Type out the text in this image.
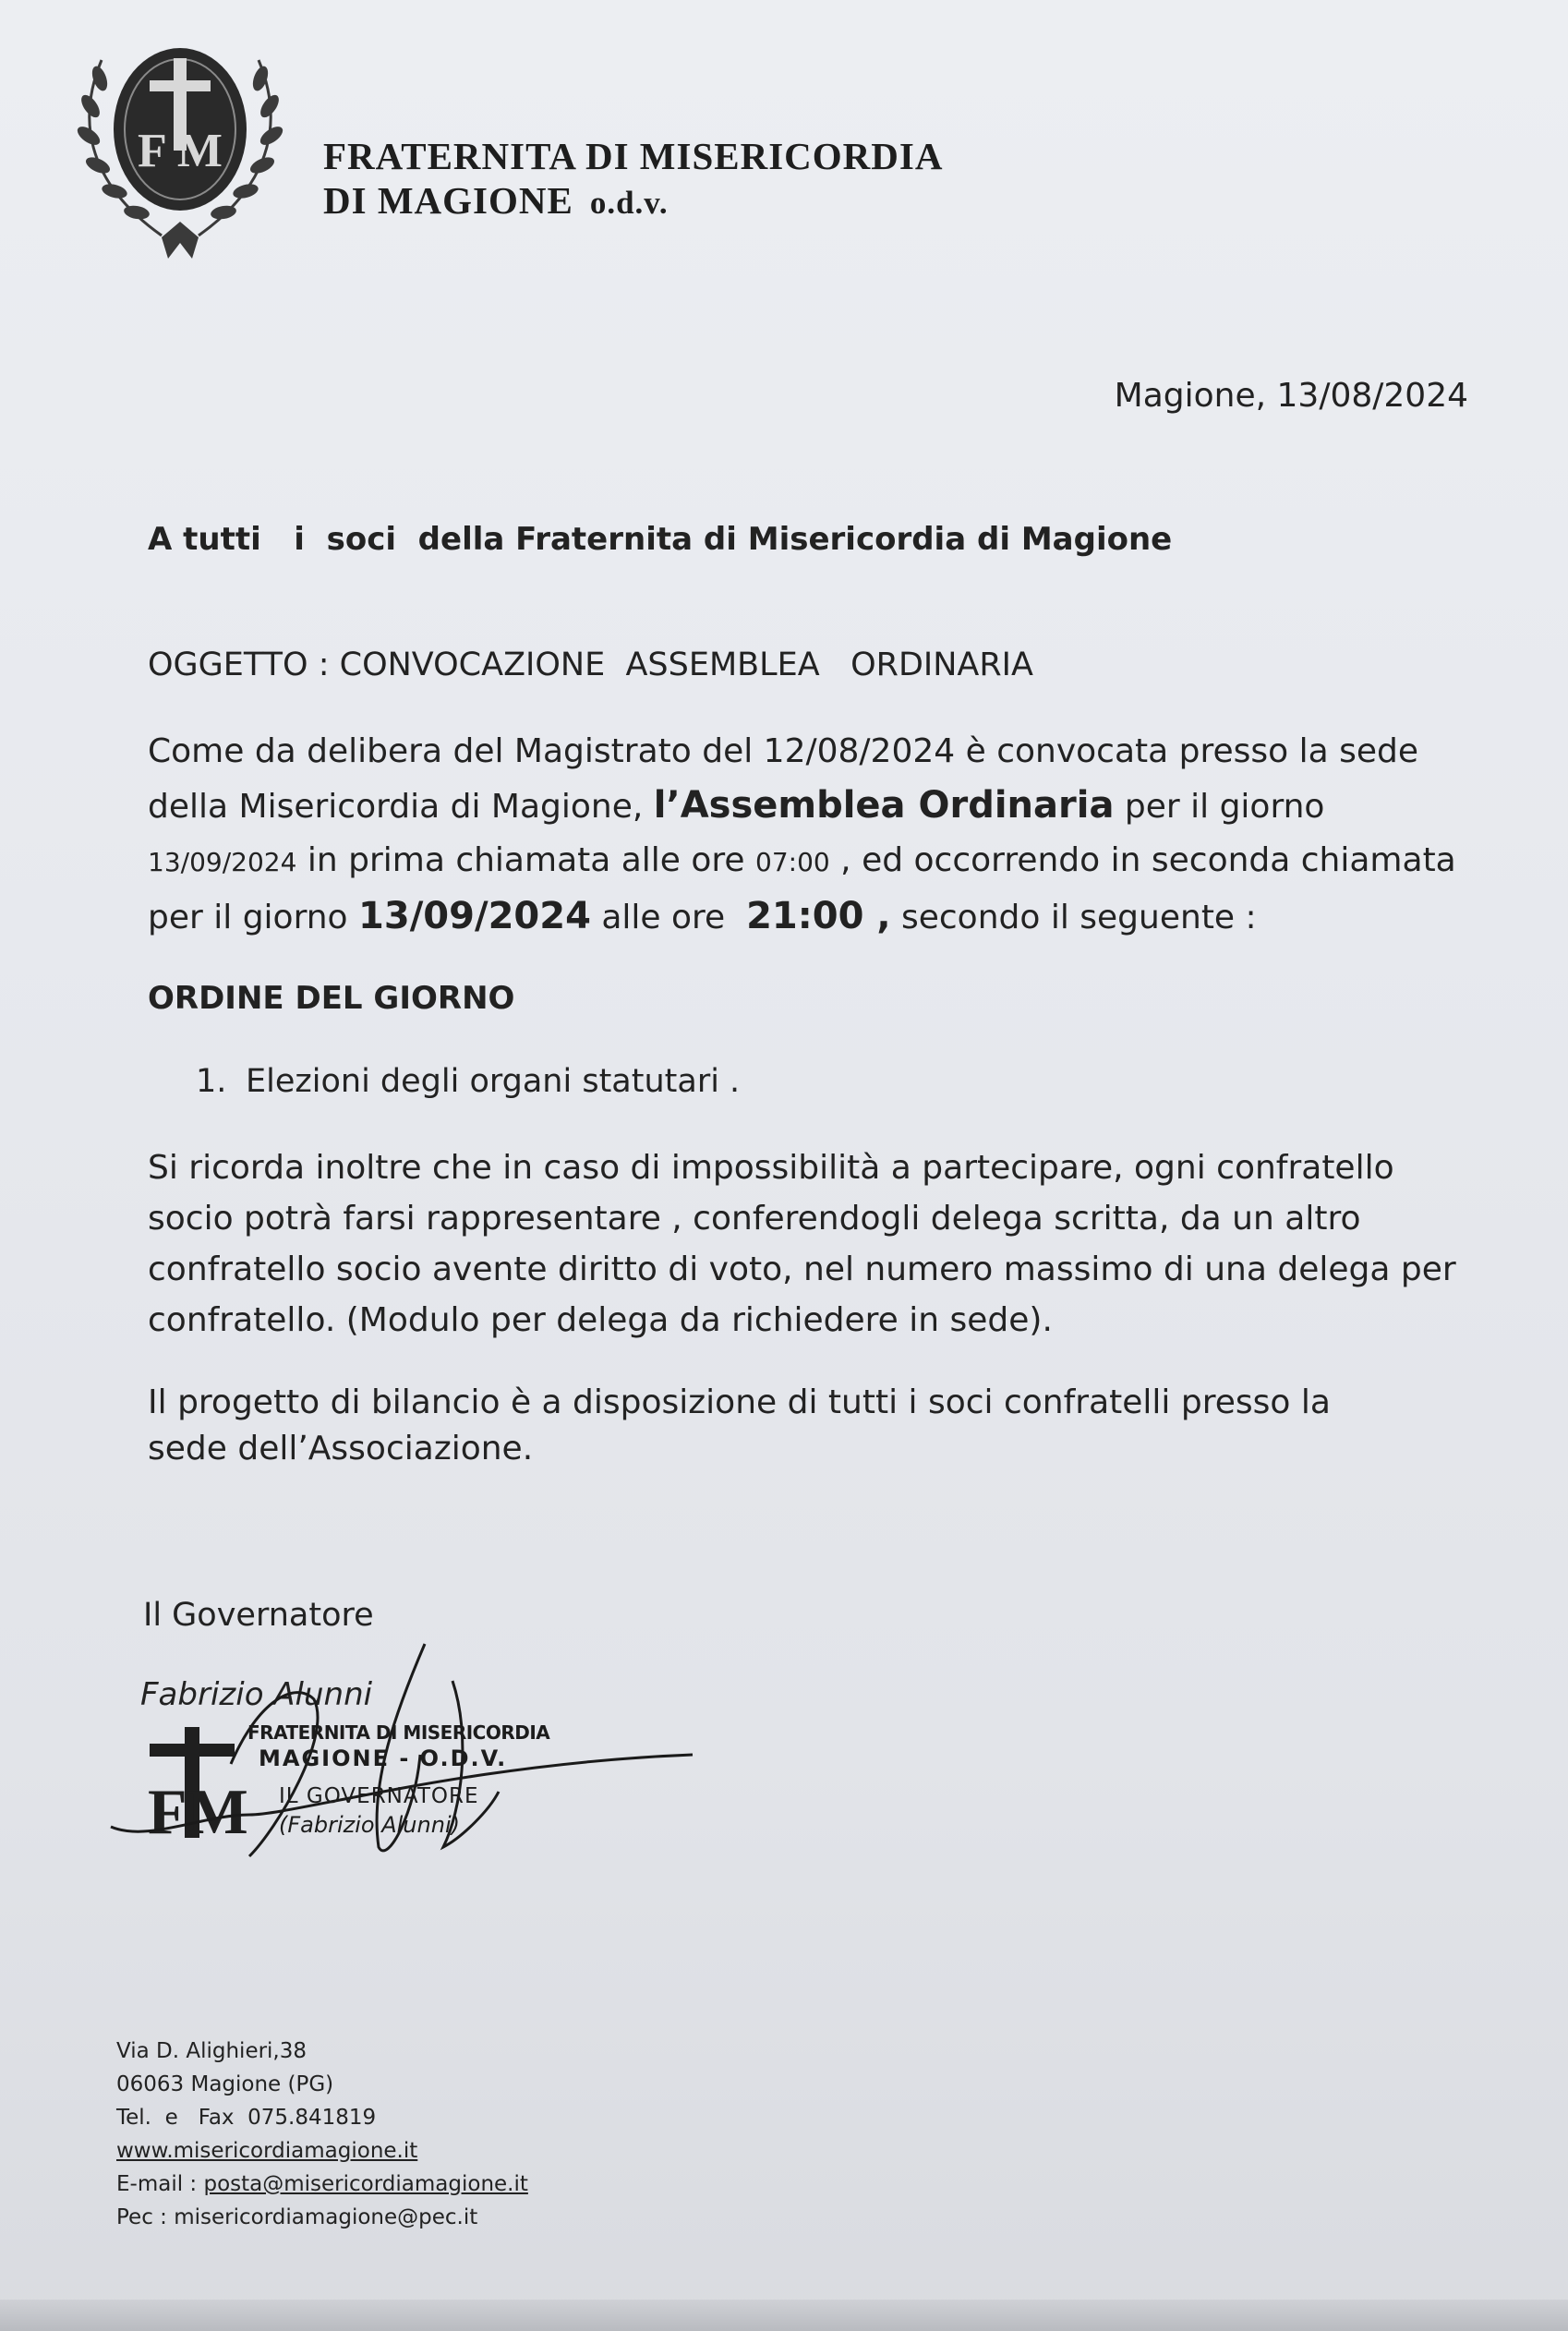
F M	FRATERNITA DI MISERICORDIA
DI MAGIONE o.d.v.
Magione, 13/08/2024
A tutti   i  soci  della Fraternita di Misericordia di Magione
OGGETTO : CONVOCAZIONE  ASSEMBLEA   ORDINARIA
Come da delibera del Magistrato del 12/08/2024 è convocata presso la sede della Misericordia di Magione, l’Assemblea Ordinaria per il giorno 13/09/2024 in prima chiamata alle ore 07:00 , ed occorrendo in seconda chiamata per il giorno 13/09/2024 alle ore  21:00 , secondo il seguente :
ORDINE DEL GIORNO
1. Elezioni degli organi statutari .
Si ricorda inoltre che in caso di impossibilità a partecipare, ogni confratello socio potrà farsi rappresentare , conferendogli delega scritta, da un altro confratello socio avente diritto di voto, nel numero massimo di una delega per confratello. (Modulo per delega da richiedere in sede).
Il progetto di bilancio è a disposizione di tutti i soci confratelli presso la sede dell’Associazione.
Il Governatore
Fabrizio Alunni
FM
FRATERNITA DI MISERICORDIA
MAGIONE - O.D.V.
IL GOVERNATORE
(Fabrizio Alunni)
Via D. Alighieri,38
06063 Magione (PG)
Tel.  e   Fax  075.841819
www.misericordiamagione.it
E-mail : posta@misericordiamagione.it
Pec : misericordiamagione@pec.it
